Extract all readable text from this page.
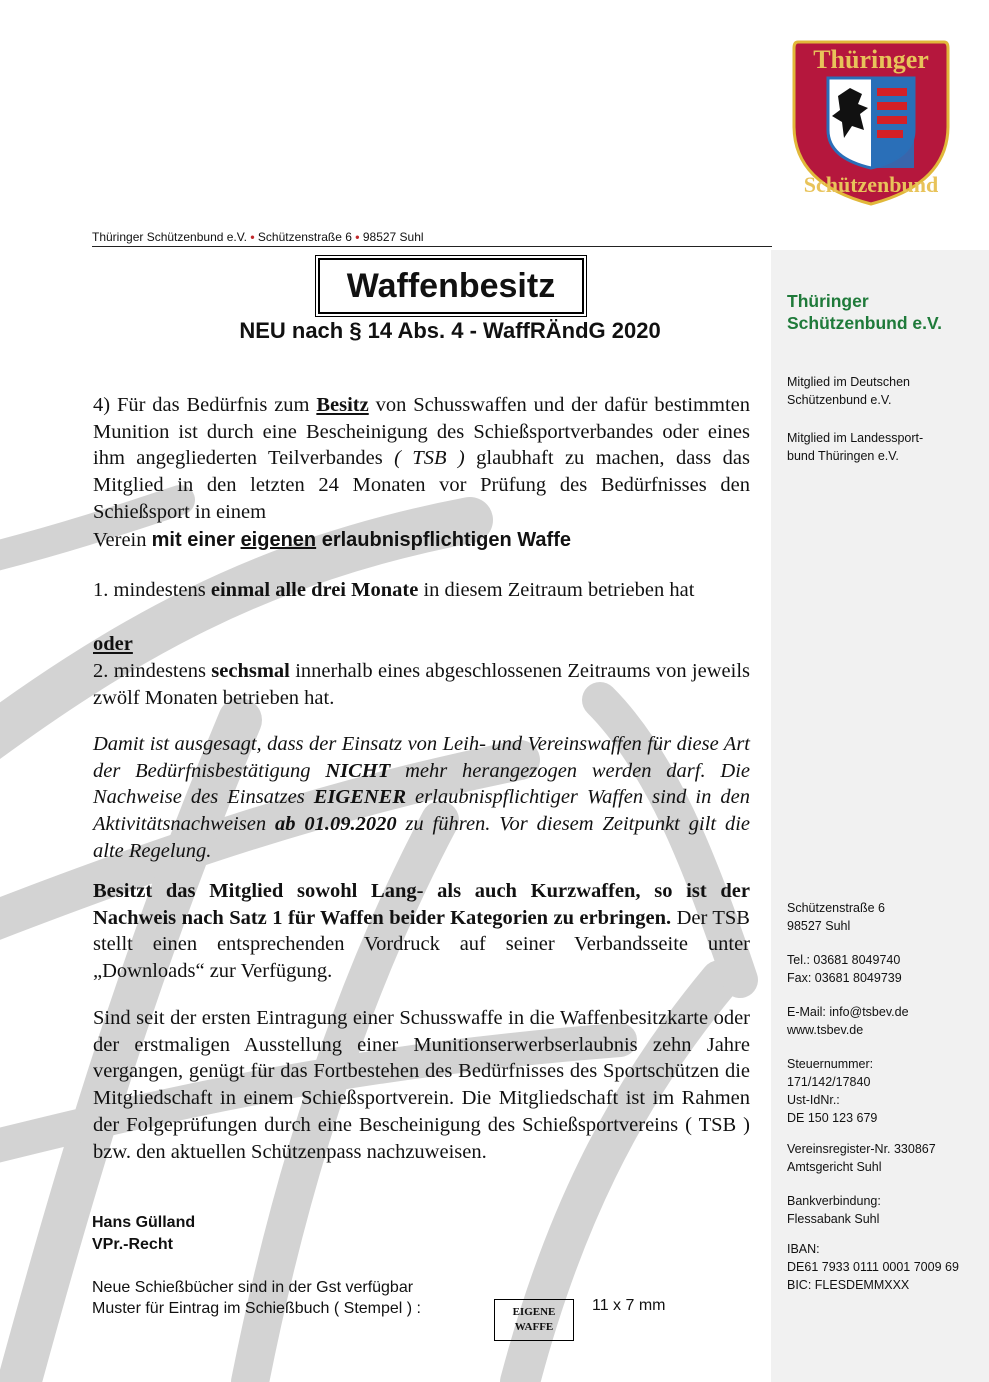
Thüringer
Schützenbund
Thüringer Schützenbund e.V. • Schützenstraße 6 • 98527 Suhl
Waffenbesitz
NEU nach § 14 Abs. 4 - WaffRÄndG 2020
Thüringer
Schützenbund e.V.
Mitglied im Deutschen
Schützenbund e.V.
Mitglied im Landessport-
bund Thüringen e.V.
Schützenstraße 6
98527 Suhl
Tel.: 03681 8049740
Fax: 03681 8049739
E-Mail: info@tsbev.de
www.tsbev.de
Steuernummer:
171/142/17840
Ust-IdNr.:
DE 150 123 679
Vereinsregister-Nr. 330867
Amtsgericht Suhl
Bankverbindung:
Flessabank Suhl
IBAN:
DE61 7933 0111 0001 7009 69
BIC: FLESDEMMXXX
4) Für das Bedürfnis zum Besitz von Schusswaffen und der dafür bestimmten Munition ist durch eine Bescheinigung des Schießsportverbandes oder eines ihm angegliederten Teilverbandes ( TSB ) glaubhaft zu machen, dass das Mitglied in den letzten 24 Monaten vor Prüfung des Bedürfnisses den Schießsport in einem
Verein mit einer eigenen erlaubnispflichtigen Waffe
1. mindestens einmal alle drei Monate in diesem Zeitraum betrieben hat
oder
2. mindestens sechsmal innerhalb eines abgeschlossenen Zeitraums von jeweils zwölf Monaten betrieben hat.
Damit ist ausgesagt, dass der Einsatz von Leih- und Vereinswaffen für diese Art der Bedürfnisbestätigung NICHT mehr herangezogen werden darf. Die Nachweise des Einsatzes EIGENER erlaubnispflichtiger Waffen sind in den Aktivitätsnachweisen ab 01.09.2020 zu führen. Vor diesem Zeitpunkt gilt die alte Regelung.
Besitzt das Mitglied sowohl Lang- als auch Kurzwaffen, so ist der Nachweis nach Satz 1 für Waffen beider Kategorien zu erbringen. Der TSB stellt einen entsprechenden Vordruck auf seiner Verbandsseite unter „Downloads“ zur Verfügung.
Sind seit der ersten Eintragung einer Schusswaffe in die Waffenbesitzkarte oder der erstmaligen Ausstellung einer Munitionserwerbserlaubnis zehn Jahre vergangen, genügt für das Fortbestehen des Bedürfnisses des Sportschützen die Mitgliedschaft in einem Schießsportverein. Die Mitgliedschaft ist im Rahmen der Folgeprüfungen durch eine Bescheinigung des Schießsportvereins ( TSB ) bzw. den aktuellen Schützenpass nachzuweisen.
Hans Gülland
VPr.-Recht
Neue Schießbücher sind in der Gst verfügbar
Muster für Eintrag im Schießbuch ( Stempel ) :	EIGENE
WAFFE
11 x 7 mm
